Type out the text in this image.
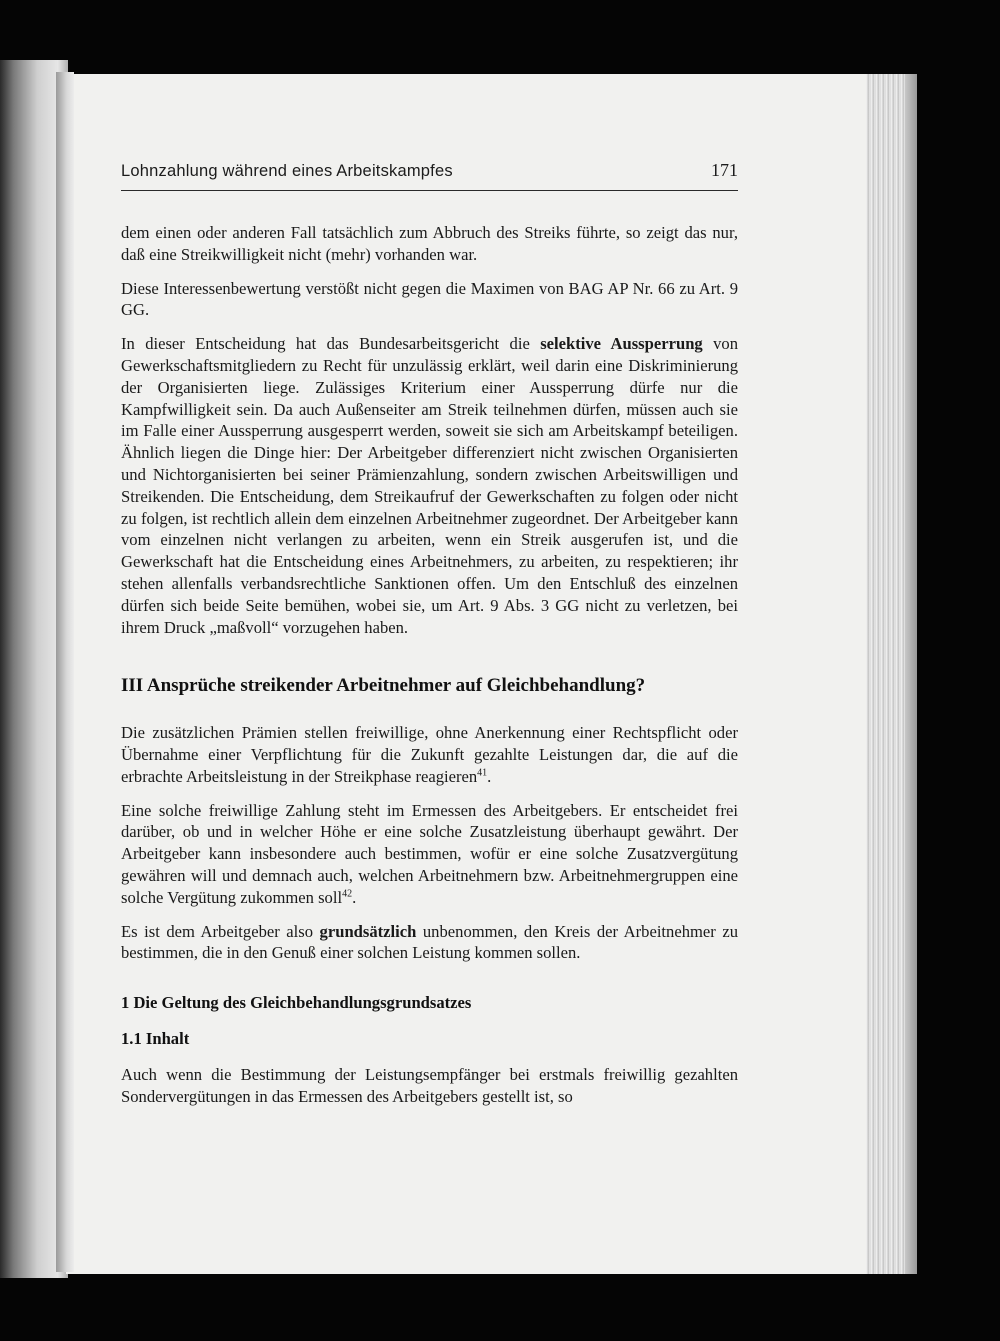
Lohnzahlung während eines Arbeitskampfes	171

dem einen oder anderen Fall tatsächlich zum Abbruch des Streiks führte, so zeigt das nur, daß eine Streikwilligkeit nicht (mehr) vorhanden war.

Diese Interessenbewertung verstößt nicht gegen die Maximen von BAG AP Nr. 66 zu Art. 9 GG.

In dieser Entscheidung hat das Bundesarbeitsgericht die selektive Aussperrung von Gewerkschaftsmitgliedern zu Recht für unzulässig erklärt, weil darin eine Diskriminierung der Organisierten liege. Zulässiges Kriterium einer Aussperrung dürfe nur die Kampfwilligkeit sein. Da auch Außenseiter am Streik teilnehmen dürfen, müssen auch sie im Falle einer Aussperrung ausgesperrt werden, soweit sie sich am Arbeitskampf beteiligen. Ähnlich liegen die Dinge hier: Der Arbeitgeber differenziert nicht zwischen Organisierten und Nichtorganisierten bei seiner Prämienzahlung, sondern zwischen Arbeitswilligen und Streikenden. Die Entscheidung, dem Streikaufruf der Gewerkschaften zu folgen oder nicht zu folgen, ist rechtlich allein dem einzelnen Arbeitnehmer zugeordnet. Der Arbeitgeber kann vom einzelnen nicht verlangen zu arbeiten, wenn ein Streik ausgerufen ist, und die Gewerkschaft hat die Entscheidung eines Arbeitnehmers, zu arbeiten, zu respektieren; ihr stehen allenfalls verbandsrechtliche Sanktionen offen. Um den Entschluß des einzelnen dürfen sich beide Seite bemühen, wobei sie, um Art. 9 Abs. 3 GG nicht zu verletzen, bei ihrem Druck „maßvoll“ vorzugehen haben.

III Ansprüche streikender Arbeitnehmer auf Gleichbehandlung?

Die zusätzlichen Prämien stellen freiwillige, ohne Anerkennung einer Rechtspflicht oder Übernahme einer Verpflichtung für die Zukunft gezahlte Leistungen dar, die auf die erbrachte Arbeitsleistung in der Streikphase reagieren$^{41}$.

Eine solche freiwillige Zahlung steht im Ermessen des Arbeitgebers. Er entscheidet frei darüber, ob und in welcher Höhe er eine solche Zusatzleistung überhaupt gewährt. Der Arbeitgeber kann insbesondere auch bestimmen, wofür er eine solche Zusatzvergütung gewähren will und demnach auch, welchen Arbeitnehmern bzw. Arbeitnehmergruppen eine solche Vergütung zukommen soll$^{42}$.

Es ist dem Arbeitgeber also grundsätzlich unbenommen, den Kreis der Arbeitnehmer zu bestimmen, die in den Genuß einer solchen Leistung kommen sollen.

1 Die Geltung des Gleichbehandlungsgrundsatzes
1.1 Inhalt

Auch wenn die Bestimmung der Leistungsempfänger bei erstmals freiwillig gezahlten Sondervergütungen in das Ermessen des Arbeitgebers gestellt ist, so
